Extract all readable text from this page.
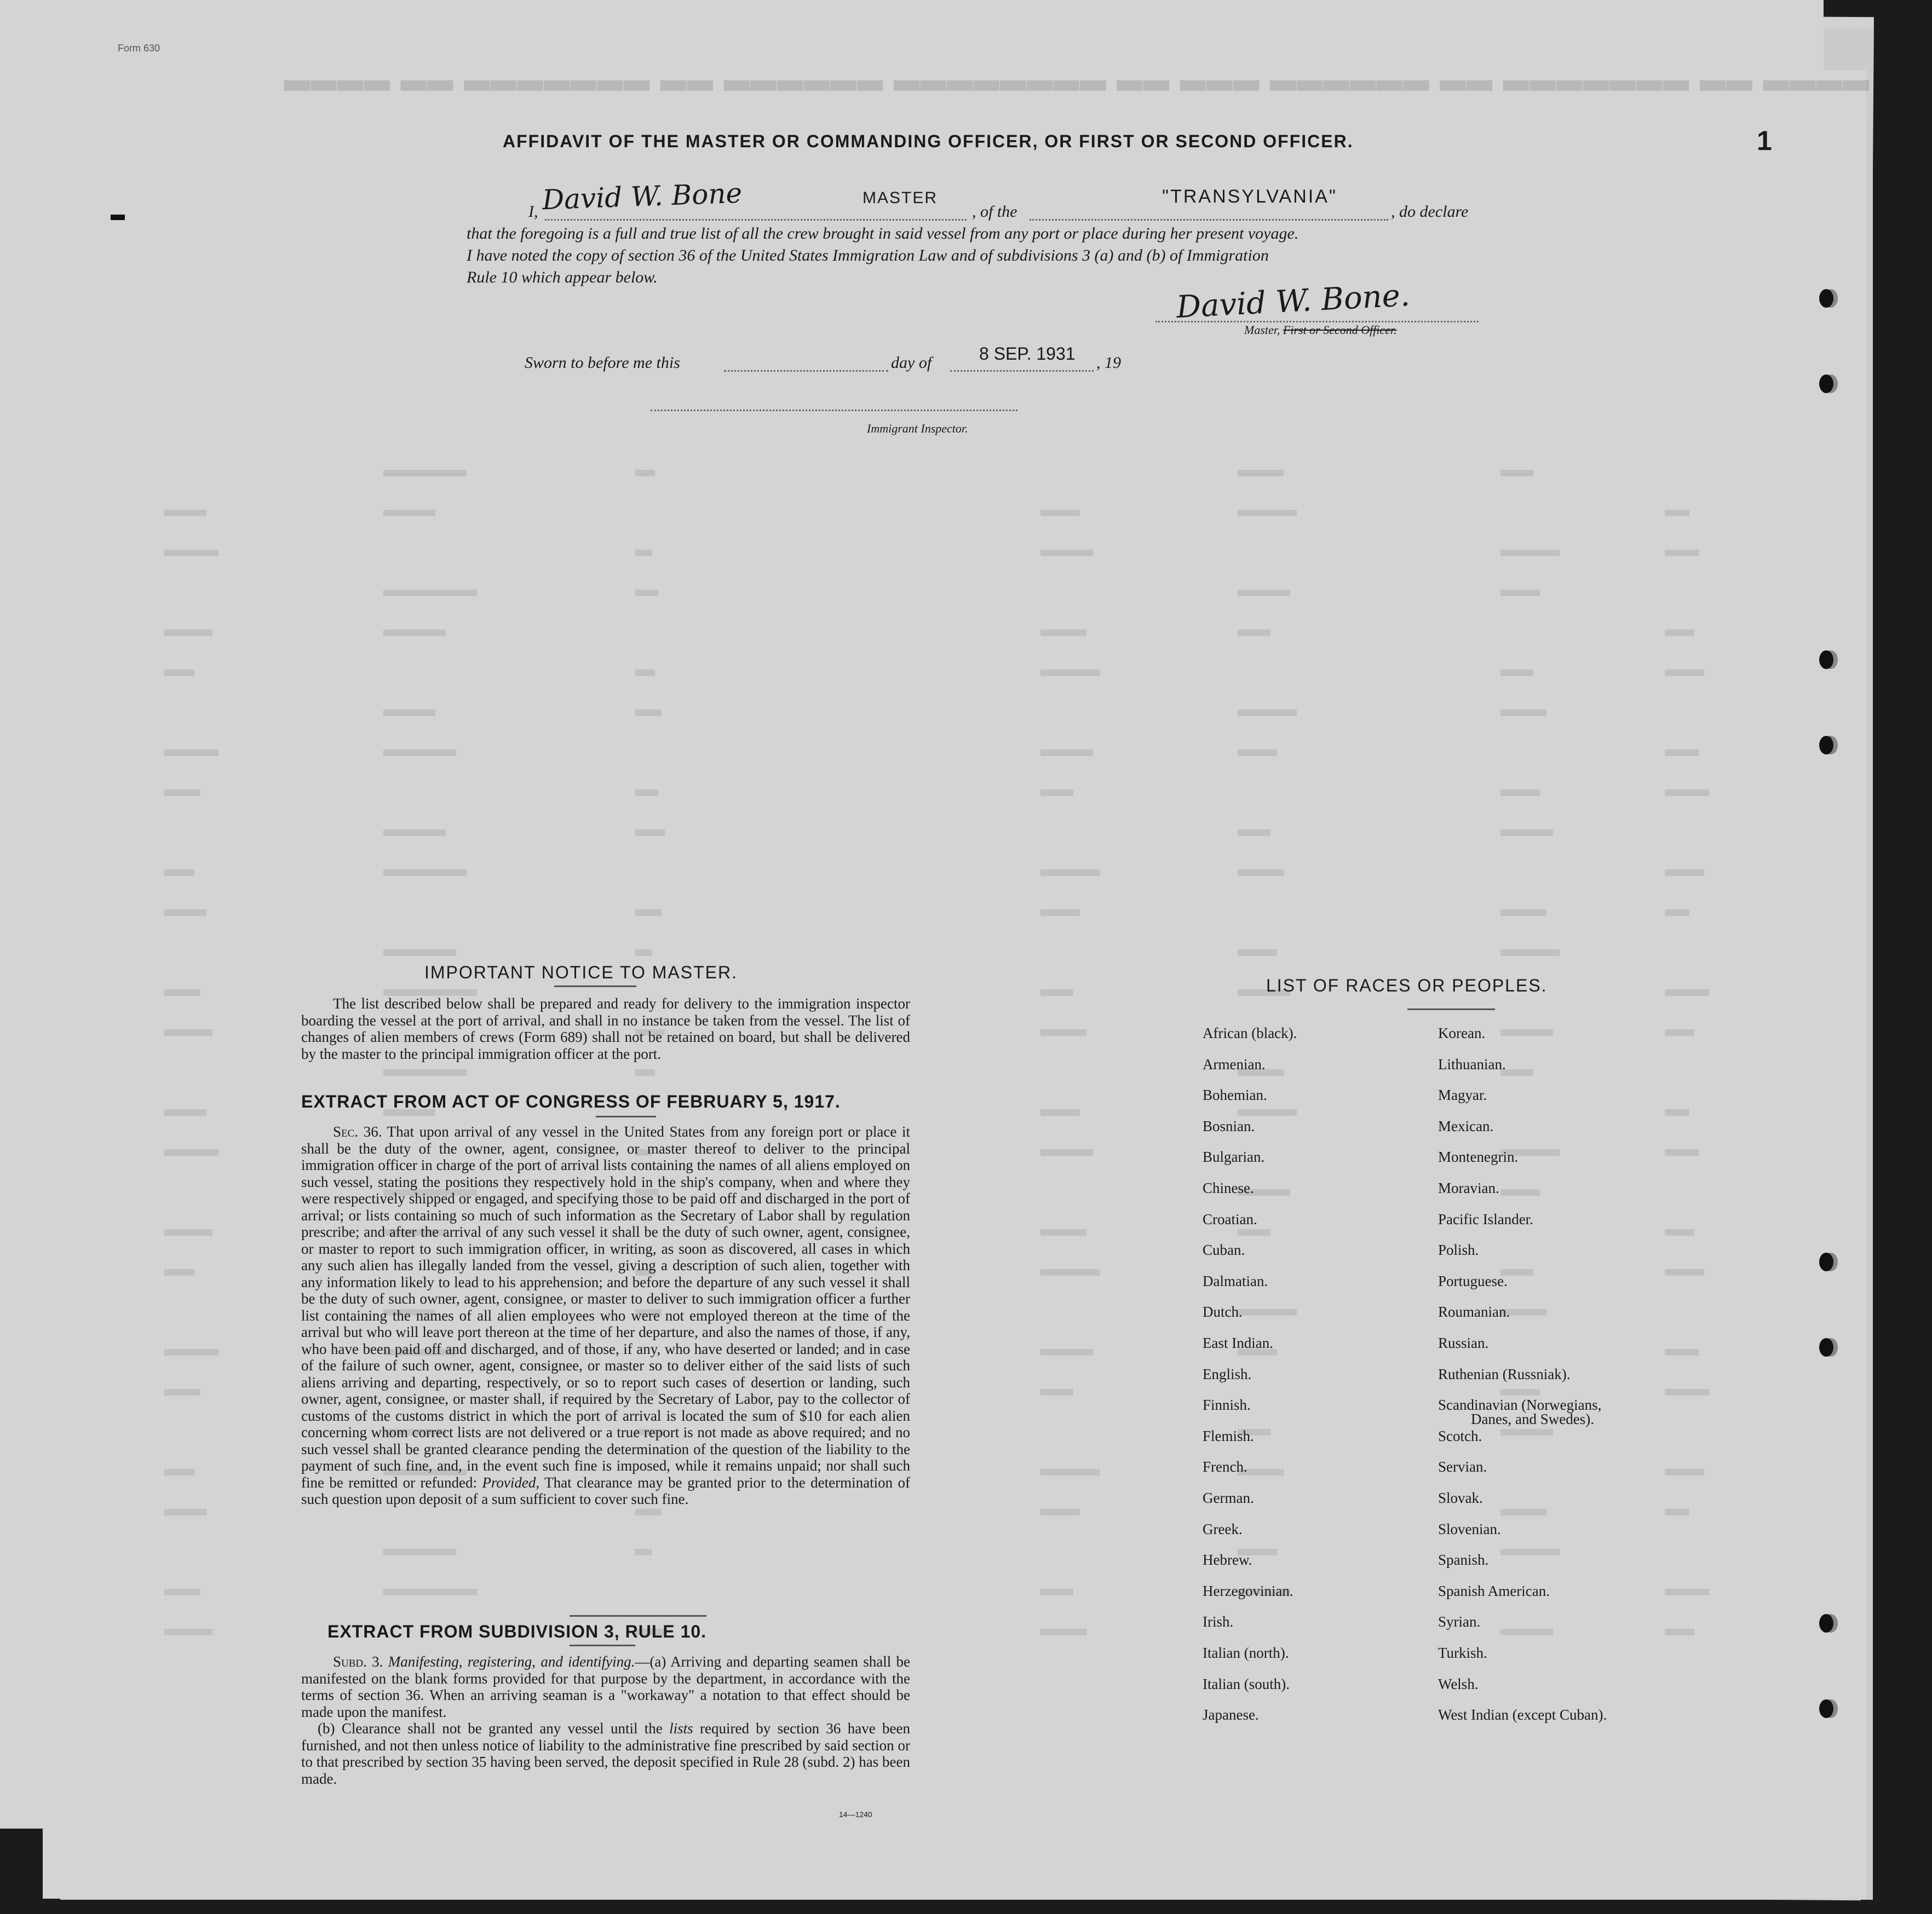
▂▂▂▂ ▂▂ ▂▂▂▂▂▂▂ ▂▂ ▂▂▂▂▂▂ ▂▂▂▂▂▂▂▂ ▂▂ ▂▂▂ ▂▂▂▂▂▂ ▂▂ ▂▂▂▂▂▂▂ ▂▂ ▂▂▂▂
Form 630
1
AFFIDAVIT OF THE MASTER OR COMMANDING OFFICER, OR FIRST OR SECOND OFFICER.
I, David W. Bone	MASTER
, of the
"TRANSYLVANIA"
, do declare
that the foregoing is a full and true list of all the crew brought in said vessel from any port or place during her present voyage.
I have noted the copy of section 36 of the United States Immigration Law and of subdivisions 3 (a) and (b) of Immigration
Rule 10 which appear below.
David W. Bone.
Master, First or Second Officer.
Sworn to before me this	day of	8 SEP. 1931 , 19
Immigrant Inspector.
IMPORTANT NOTICE TO MASTER.
The list described below shall be prepared and ready for delivery to the immigration inspector boarding the vessel at the port of arrival, and shall in no instance be taken from the vessel. The list of changes of alien members of crews (Form 689) shall not be retained on board, but shall be delivered by the master to the principal immigration officer at the port.
EXTRACT FROM ACT OF CONGRESS OF FEBRUARY 5, 1917.
Sec. 36. That upon arrival of any vessel in the United States from any foreign port or place it shall be the duty of the owner, agent, consignee, or master thereof to deliver to the principal immigration officer in charge of the port of arrival lists containing the names of all aliens employed on such vessel, stating the positions they respectively hold in the ship's company, when and where they were respectively shipped or engaged, and specifying those to be paid off and discharged in the port of arrival; or lists containing so much of such information as the Secretary of Labor shall by regulation prescribe; and after the arrival of any such vessel it shall be the duty of such owner, agent, consignee, or master to report to such immigration officer, in writing, as soon as discovered, all cases in which any such alien has illegally landed from the vessel, giving a description of such alien, together with any information likely to lead to his apprehension; and before the departure of any such vessel it shall be the duty of such owner, agent, consignee, or master to deliver to such immigration officer a further list containing the names of all alien employees who were not employed thereon at the time of the arrival but who will leave port thereon at the time of her departure, and also the names of those, if any, who have been paid off and discharged, and of those, if any, who have deserted or landed; and in case of the failure of such owner, agent, consignee, or master so to deliver either of the said lists of such aliens arriving and departing, respectively, or so to report such cases of desertion or landing, such owner, agent, consignee, or master shall, if required by the Secretary of Labor, pay to the collector of customs of the customs district in which the port of arrival is located the sum of $10 for each alien concerning whom correct lists are not delivered or a true report is not made as above required; and no such vessel shall be granted clearance pending the determination of the question of the liability to the payment of such fine, and, in the event such fine is imposed, while it remains unpaid; nor shall such fine be remitted or refunded: Provided, That clearance may be granted prior to the determination of such question upon deposit of a sum sufficient to cover such fine.
EXTRACT FROM SUBDIVISION 3, RULE 10.
Subd. 3. Manifesting, registering, and identifying.—(a) Arriving and departing seamen shall be manifested on the blank forms provided for that purpose by the department, in accordance with the terms of section 36. When an arriving seaman is a "workaway" a notation to that effect should be made upon the manifest.
(b) Clearance shall not be granted any vessel until the lists required by section 36 have been furnished, and not then unless notice of liability to the administrative fine prescribed by said section or to that prescribed by section 35 having been served, the deposit specified in Rule 28 (subd. 2) has been made.
14—1240
LIST OF RACES OR PEOPLES.
African (black).
Armenian.
Bohemian.
Bosnian.
Bulgarian.
Chinese.
Croatian.
Cuban.
Dalmatian.
Dutch.
East Indian.
English.
Finnish.
Flemish.
French.
German.
Greek.
Hebrew.
Herzegovinian.
Irish.
Italian (north).
Italian (south).
Japanese.
Korean.
Lithuanian.
Magyar.
Mexican.
Montenegrin.
Moravian.
Pacific Islander.
Polish.
Portuguese.
Roumanian.
Russian.
Ruthenian (Russniak).
Scandinavian (Norwegians,
Danes, and Swedes).
Scotch.
Servian.
Slovak.
Slovenian.
Spanish.
Spanish American.
Syrian.
Turkish.
Welsh.
West Indian (except Cuban).
